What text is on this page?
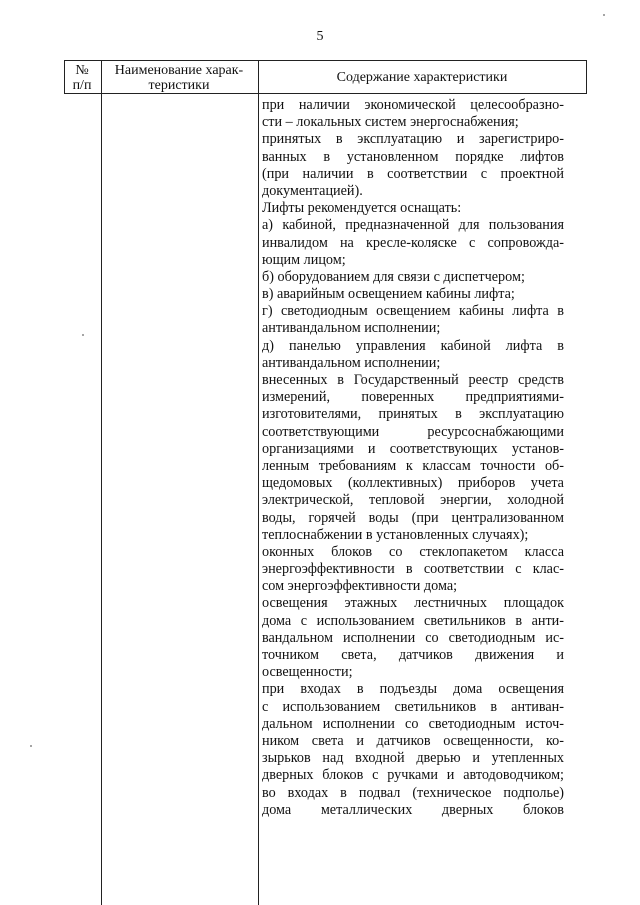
5
№
п/п
Наименование харак-
теристики	Содержание характеристики
при наличии экономической целесообразно-
сти – локальных систем энергоснабжения;
принятых в эксплуатацию и зарегистриро-
ванных в установленном порядке лифтов
(при наличии в соответствии с проектной
документацией).
Лифты рекомендуется оснащать:
а) кабиной, предназначенной для пользования
инвалидом на кресле-коляске с сопровожда-
ющим лицом;
б) оборудованием для связи с диспетчером;
в) аварийным освещением кабины лифта;
г) светодиодным освещением кабины лифта в
антивандальном исполнении;
д) панелью управления кабиной лифта в
антивандальном исполнении;
внесенных в Государственный реестр средств
измерений, поверенных предприятиями-
изготовителями, принятых в эксплуатацию
соответствующими ресурсоснабжающими
организациями и соответствующих установ-
ленным требованиям к классам точности об-
щедомовых (коллективных) приборов учета
электрической, тепловой энергии, холодной
воды, горячей воды (при централизованном
теплоснабжении в установленных случаях);
оконных блоков со стеклопакетом класса
энергоэффективности в соответствии с клас-
сом энергоэффективности дома;
освещения этажных лестничных площадок
дома с использованием светильников в анти-
вандальном исполнении со светодиодным ис-
точником света, датчиков движения и
освещенности;
при входах в подъезды дома освещения
с использованием светильников в антиван-
дальном исполнении со светодиодным источ-
ником света и датчиков освещенности, ко-
зырьков над входной дверью и утепленных
дверных блоков с ручками и автодоводчиком;
во входах в подвал (техническое подполье)
дома металлических дверных блоков
